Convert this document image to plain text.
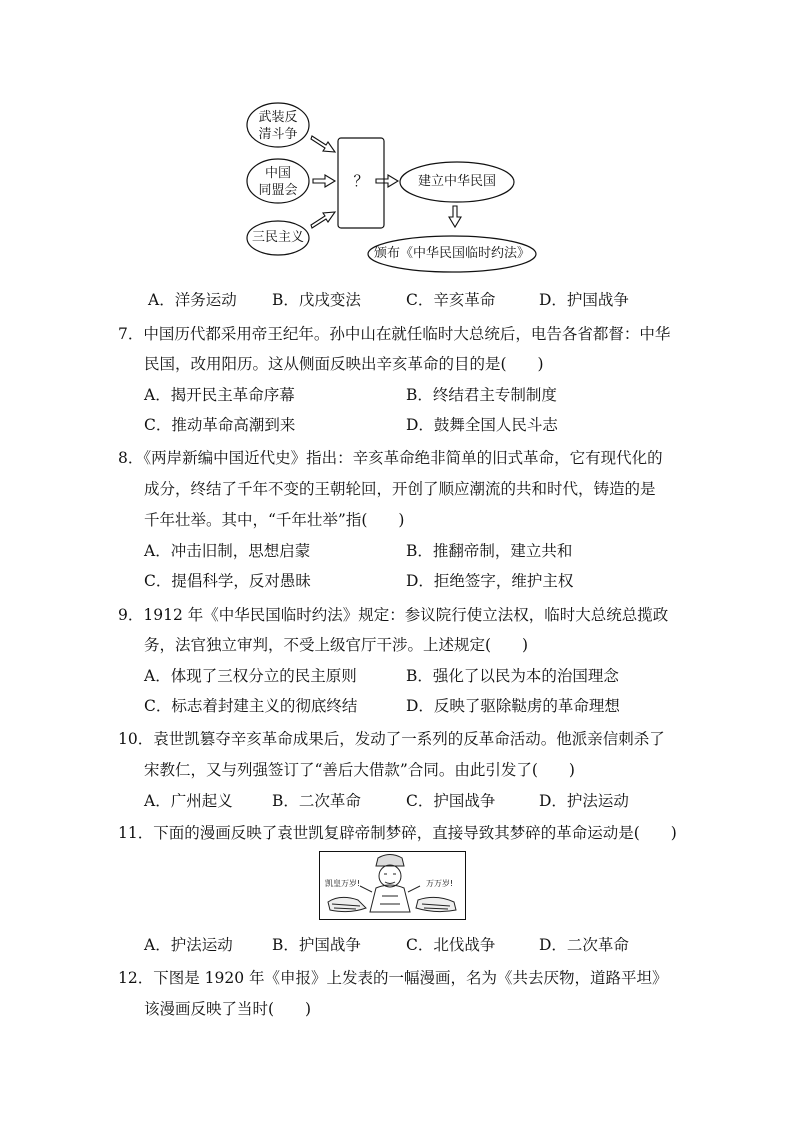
武装反
清斗争
中国
同盟会
三民主义
？	建立中华民国
颁布《中华民国临时约法》
A．洋务运动 B．戊戌变法	C．辛亥革命	D．护国战争
7．中国历代都采用帝王纪年。孙中山在就任临时大总统后，电告各省都督：中华
民国，改用阳历。这从侧面反映出辛亥革命的目的是(　　)
A．揭开民主革命序幕	B．终结君主专制制度
C．推动革命高潮到来	D．鼓舞全国人民斗志
8．《两岸新编中国近代史》指出：辛亥革命绝非简单的旧式革命，它有现代化的
成分，终结了千年不变的王朝轮回，开创了顺应潮流的共和时代，铸造的是
千年壮举。其中，“千年壮举”指(　　)
A．冲击旧制，思想启蒙	B．推翻帝制，建立共和
C．提倡科学，反对愚昧	D．拒绝签字，维护主权
9．1912 年《中华民国临时约法》规定：参议院行使立法权，临时大总统总揽政
务，法官独立审判，不受上级官厅干涉。上述规定(　　)
A．体现了三权分立的民主原则	B．强化了以民为本的治国理念
C．标志着封建主义的彻底终结	D．反映了驱除鞑虏的革命理想
10．袁世凯篡夺辛亥革命成果后，发动了一系列的反革命活动。他派亲信刺杀了
宋教仁，又与列强签订了“善后大借款”合同。由此引发了(　　)
A．广州起义	B．二次革命	C．护国战争	D．护法运动
11．下面的漫画反映了袁世凯复辟帝制梦碎，直接导致其梦碎的革命运动是(　　)
凯皇万岁!	万万岁!
A．护法运动	B．护国战争	C．北伐战争	D．二次革命
12．下图是 1920 年《申报》上发表的一幅漫画，名为《共去厌物，道路平坦》
该漫画反映了当时(　　)
